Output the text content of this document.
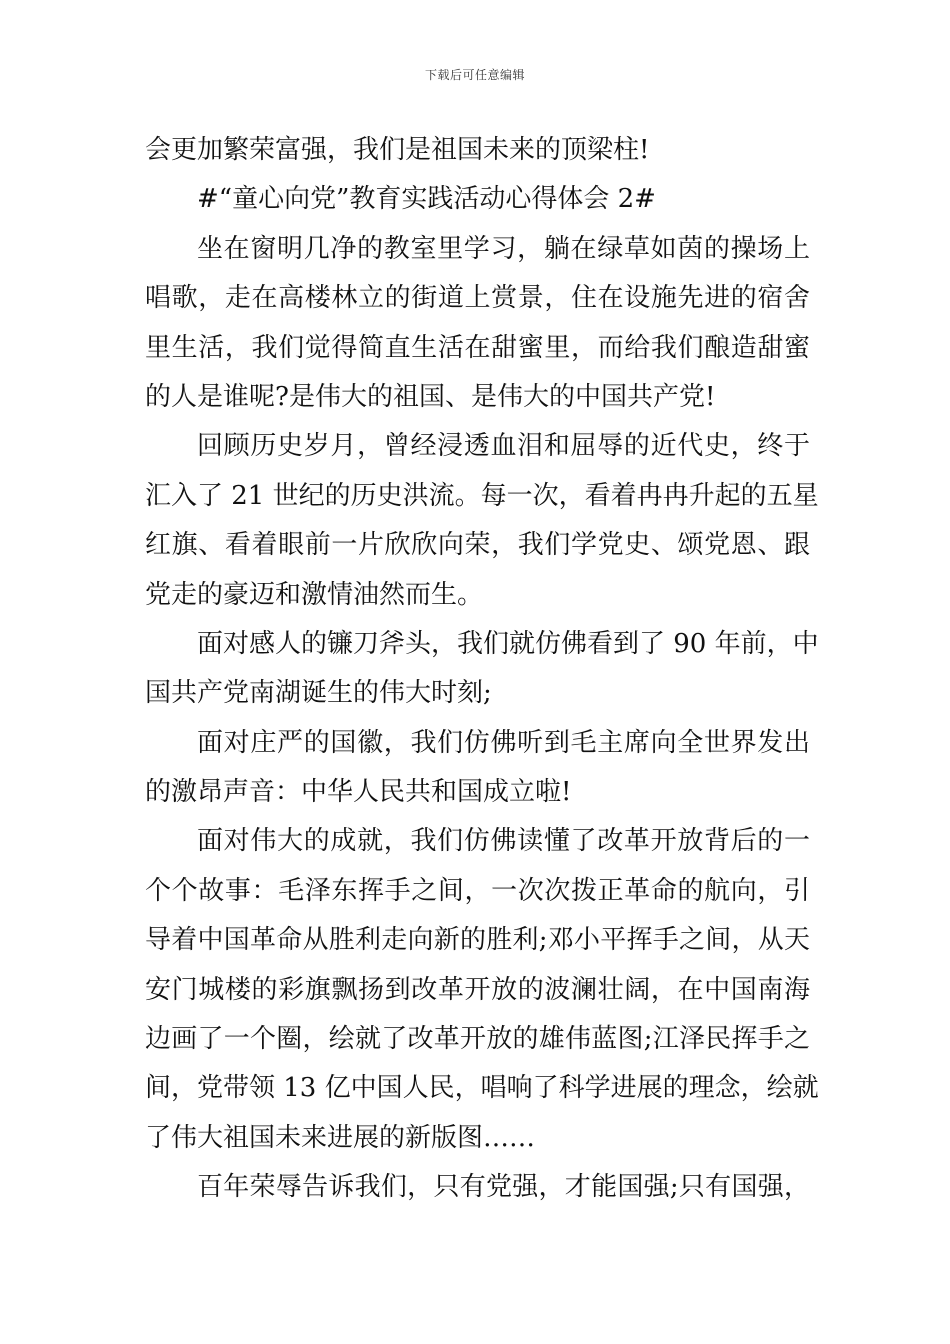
下载后可任意编辑
会更加繁荣富强，我们是祖国未来的顶梁柱!
#“童心向党”教育实践活动心得体会 2#
坐在窗明几净的教室里学习，躺在绿草如茵的操场上
唱歌，走在高楼林立的街道上赏景，住在设施先进的宿舍
里生活，我们觉得简直生活在甜蜜里，而给我们酿造甜蜜
的人是谁呢?是伟大的祖国、是伟大的中国共产党!
回顾历史岁月，曾经浸透血泪和屈辱的近代史，终于
汇入了 21 世纪的历史洪流。每一次，看着冉冉升起的五星
红旗、看着眼前一片欣欣向荣，我们学党史、颂党恩、跟
党走的豪迈和激情油然而生。
面对感人的镰刀斧头，我们就仿佛看到了 90 年前，中
国共产党南湖诞生的伟大时刻;
面对庄严的国徽，我们仿佛听到毛主席向全世界发出
的激昂声音：中华人民共和国成立啦!
面对伟大的成就，我们仿佛读懂了改革开放背后的一
个个故事：毛泽东挥手之间，一次次拨正革命的航向，引
导着中国革命从胜利走向新的胜利;邓小平挥手之间，从天
安门城楼的彩旗飘扬到改革开放的波澜壮阔，在中国南海
边画了一个圈，绘就了改革开放的雄伟蓝图;江泽民挥手之
间，党带领 13 亿中国人民，唱响了科学进展的理念，绘就
了伟大祖国未来进展的新版图……
百年荣辱告诉我们，只有党强，才能国强;只有国强，
